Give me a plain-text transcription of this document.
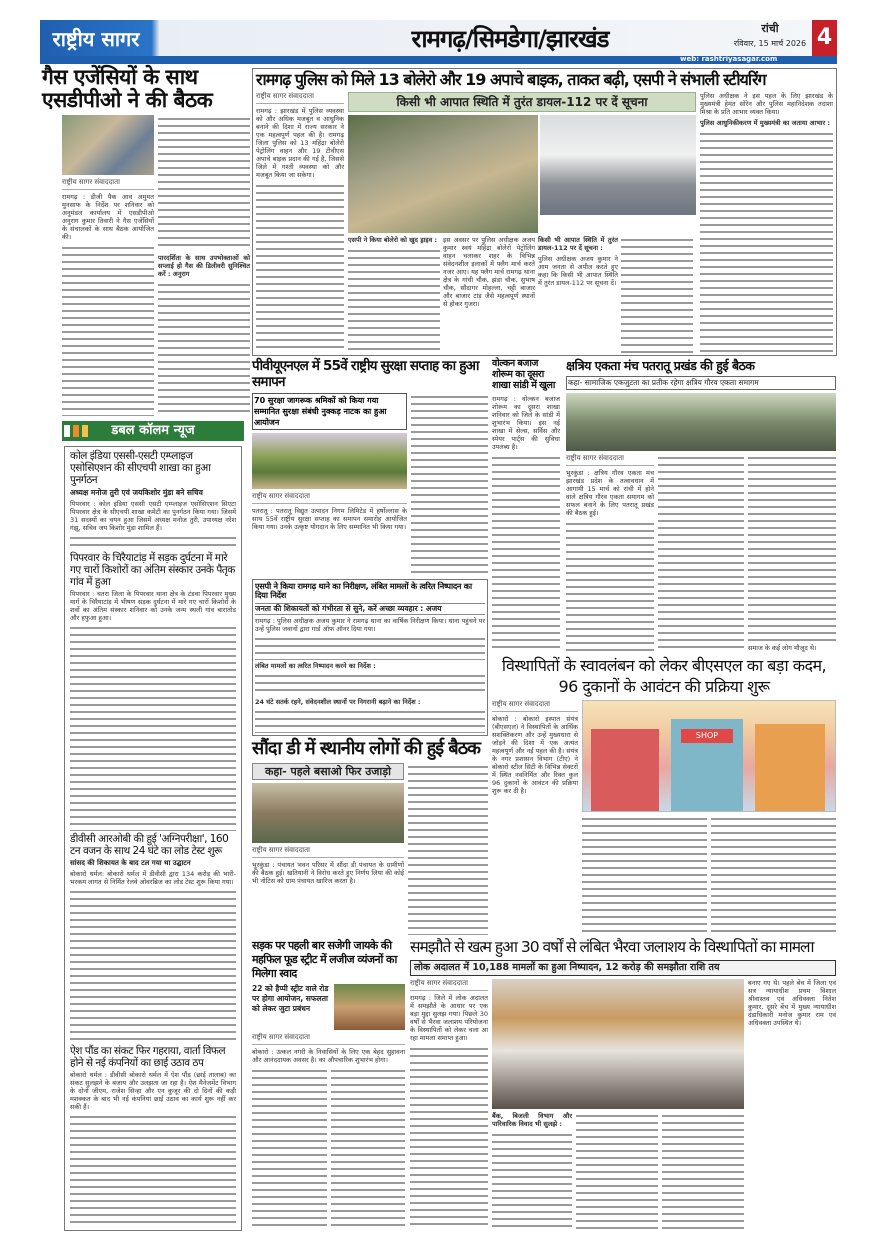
राष्ट्रीय सागर	रामगढ़/सिमडेगा/झारखंड	रांची
रविवार, 15 मार्च 2026 4
web: rashtriyasagar.com
गैस एजेंसियों के साथ एसडीपीओ ने की बैठक
राष्ट्रीय सागर संवाददाता
रामगढ़ : डीजी पैक आव अमुमत मुनसाफ के निर्देश पर शनिवार को अनुमंडल कार्यालय में एसडीपीओ अनुराग कुमार तिवारी ने गैस एजेंसियों के संचालकों के साथ बैठक आयोजित की।
पारदर्शिता के साथ उपभोक्ताओं को सप्लाई हो गैस की डिलीवरी सुनिश्चित करें : अनुराग
डबल कॉलम न्यूज
कोल इंडिया एससी-एसटी एम्प्लाइज एसोसिएशन की सीएचपी शाखा का हुआ पुनर्गठन
अध्यक्ष मनोज तुरी एवं जयकिशोर मुंडा बने सचिव
पिपरवार : कोल इंडिया एससी एसटी एम्प्लाइज एसोसिएशन सिएटा पिपरवार क्षेत्र के सीएचपी शाखा कमेटी का पुनर्गठन किया गया। जिसमें 31 सदस्यों का चयन हुआ जिसमें अध्यक्ष मनोज तुरी, उपाध्यक्ष नरेश गंझू, सचिव जय किशोर मुंडा शामिल हैं।
पिपरवार के चिरैयाटांड़ में सड़क दुर्घटना में मारे गए चारों किशोरों का अंतिम संस्कार उनके पैतृक गांव में हुआ
पिपरवार : चतरा जिला के पिपरवार थाना क्षेत्र के टंडवा पिपरवार मुख्य मार्ग के चिरैयाटांड़ में भीषण सड़क दुर्घटना में मारे गए चारों किशोरों के शवों का अंतिम संस्कार शनिवार को उनके जन्म स्थली गांव बारातोड और हफुआ हुआ।
डीवीसी आरओबी की हुई 'अग्निपरीक्षा', 160 टन वजन के साथ 24 घंटे का लोड टेस्ट शुरू
सांसद की शिकायत के बाद टल गया था उद्घाटन
बोकारो थर्मल: बोकारो थर्मल में डीवीसी द्वारा 134 करोड़ की भारी-भरकम लागत से निर्मित रेलवे ओवरब्रिज का लोड टेस्ट शुरू किया गया।
ऐश पौंड का संकट फिर गहराया, वार्ता विफल होने से नई कंपनियों का छाई उठाव ठप
बोकारो थर्मल : डीवीसी बोकारो थर्मल में ऐश पौंड (छाई तालाब) का संकट सुलझने के बजाय और उलझता जा रहा है। ऐश मैनेजमेंट विभाग के दोनों जीएम, राजेश सिन्हा और एन कुजूर की दो दिनों की कड़ी मशक्कत के बाद भी नई कंपनियां छाई उठाव का कार्य शुरू नहीं कर सकी हैं।
रामगढ़ पुलिस को मिले 13 बोलेरो और 19 अपाचे बाइक, ताकत बढ़ी, एसपी ने संभाली स्टीयरिंग
राष्ट्रीय सागर संवाददाता
रामगढ़ : झारखंड में पुलिस व्यवस्था को और अधिक मजबूत व आधुनिक बनाने की दिशा में राज्य सरकार ने एक महत्वपूर्ण पहल की है। रामगढ़ जिला पुलिस को 13 महिंद्रा बोलेरो पेट्रोलिंग वाहन और 19 टीवीएस अपाचे बाइक प्रदान की गई है, जिससे जिले में गश्ती व्यवस्था को और मजबूत किया जा सकेगा।
किसी भी आपात स्थिति में तुरंत डायल-112 पर दें सूचना
एसपी ने किया बोलेरो को खुद ड्राइव : इस अवसर पर पुलिस अधीक्षक अजय कुमार स्वयं महिंद्रा बोलेरो पेट्रोलिंग वाहन चलाकर शहर के विभिन्न संवेदनशील इलाकों में फ्लैग मार्च करते नजर आए। यह फ्लैग मार्च रामगढ़ थाना क्षेत्र के गांधी चौक, झंडा चौक, सुभाष चौक, सौदागर मोहल्ला, चट्टी बाजार और बाजार टांड़ जैसे महत्वपूर्ण स्थानों से होकर गुजरा।
किसी भी आपात स्थिति में तुरंत डायल-112 पर दें सूचना :
पुलिस अधीक्षक अजय कुमार ने आम जनता से अपील करते हुए कहा कि किसी भी आपात स्थिति में तुरंत डायल-112 पर सूचना दें।
पुलिस अधीक्षक ने इस पहल के लिए झारखंड के मुख्यमंत्री हेमंत सोरेन और पुलिस महानिदेशक तदाशा मिश्रा के प्रति आभार व्यक्त किया।
पुलिस आधुनिकीकरण में मुख्यमंत्री का जताया आभार :
पीवीयूएनएल में 55वें राष्ट्रीय सुरक्षा सप्ताह का हुआ समापन
70 सुरक्षा जागरूक श्रमिकों को किया गया सम्मानित सुरक्षा संबंधी नुक्कड़ नाटक का हुआ आयोजन
राष्ट्रीय सागर संवाददाता
पतरातू : पतरातू विद्युत उत्पादन निगम लिमिटेड में हर्षोल्लास के साथ 55वें राष्ट्रीय सुरक्षा सप्ताह का समापन समारोह आयोजित किया गया। उनके उत्कृष्ट योगदान के लिए सम्मानित भी किया गया।
वोल्कन बजाज शोरूम का दूसरा शाखा सांडी में खुला
रामगढ़ : वोल्कन बजाज शोरूम का दूसरा शाखा शनिवार को जिले के सांडी में शुभारंभ किया। इस नई शाखा में सेल्स, सर्विस और स्पेयर पार्ट्स की सुविधा उपलब्ध है।
क्षत्रिय एकता मंच पतरातू प्रखंड की हुई बैठक
कहा- सामाजिक एकजुटता का प्रतीक रहेगा क्षत्रिय गौरव एकता समागम
राष्ट्रीय सागर संवाददाता
भुरकुंडा : क्षत्रिय गौरव एकता मंच झारखंड प्रदेश के तत्वावधान में आगामी 15 मार्च को रांची में होने वाले क्षत्रिय गौरव एकता समागम को सफल बनाने के लिए पतरातू प्रखंड की बैठक हुई।
समाज के कई लोग मौजूद थे।
एसपी ने किया रामगढ़ थाने का निरीक्षण, लंबित मामलों के त्वरित निष्पादन का दिया निर्देश
जनता की शिकायतों को गंभीरता से सुने, करें अच्छा व्यवहार : अजय
रामगढ़ : पुलिस अधीक्षक अजय कुमार ने रामगढ़ थाना का वार्षिक निरीक्षण किया। थाना पहुंचने पर उन्हें पुलिस जवानों द्वारा गार्ड ऑफ ऑनर दिया गया।
लंबित मामलों का त्वरित निष्पादन करने का निर्देश :
24 घंटे सतर्क रहने, संवेदनशील स्थानों पर निगरानी बढ़ाने का निर्देश :
विस्थापितों के स्वावलंबन को लेकर बीएसएल का बड़ा कदम, 96 दुकानों के आवंटन की प्रक्रिया शुरू
राष्ट्रीय सागर संवाददाता
बोकारो : बोकारो इस्पात संयंत्र (बीएसएल) ने विस्थापितों के आर्थिक सशक्तिकरण और उन्हें मुख्यधारा से जोड़ने की दिशा में एक अत्यंत महत्वपूर्ण और नई पहल की है। संयंत्र के नगर प्रशासन विभाग (टीए) ने बोकारो स्टील सिटी के विभिन्न सेक्टरों में स्थित नवनिर्मित और रिक्त कुल 96 दुकानों के आवंटन की प्रक्रिया शुरू कर दी है।
SHOP
सौंदा डी में स्थानीय लोगों की हुई बैठक
कहा- पहले बसाओ फिर उजाड़ो
राष्ट्रीय सागर संवाददाता
भुरकुंडा : पंचायत भवन परिसर में सौंदा डी पंचायत के ग्रामीणों की बैठक हुई। खतियानी ने विरोध करते हुए निर्णय लिया की कोई भी नोटिस को ग्राम पंचायत खारिज करता है।
सड़क पर पहली बार सजेगी जायके की महफिल फूड स्ट्रीट में लजीज व्यंजनों का मिलेगा स्वाद
22 को हैप्पी स्ट्रीट वाले रोड पर होगा आयोजन, सफलता को लेकर जुटा प्रबंधन
राष्ट्रीय सागर संवाददाता
बोकारो : उत्कल नगरी के निवासियों के लिए एक बेहद सुहावना और आनंददायक अवसर है। का औपचारिक शुभारंभ होगा।
समझौते से खत्म हुआ 30 वर्षों से लंबित भैरवा जलाशय के विस्थापितों का मामला
लोक अदालत में 10,188 मामलों का हुआ निष्पादन, 12 करोड़ की समझौता राशि तय
राष्ट्रीय सागर संवाददाता
रामगढ़ : जिले में लोक अदालत में समझौते के आधार पर एक बड़ा मुद्दा सुलझ गया। पिछले 30 वर्षों से भैरवा जलाशय परियोजना के विस्थापितों को लेकर चला आ रहा मामला समाप्त हुआ।
बैंक, बिजली विभाग और पारिवारिक विवाद भी सुलझे :
बनाए गए थे। पहले बेंच में जिला एवं सत्र न्यायाधीश प्रथम विशाल श्रीवास्तव एवं अधिवक्ता नितेश कुमार, दूसरे बेंच में मुख्य न्यायाधीश दंडाधिकारी मनोज कुमार राम एवं अधिवक्ता उपस्थित थे।
